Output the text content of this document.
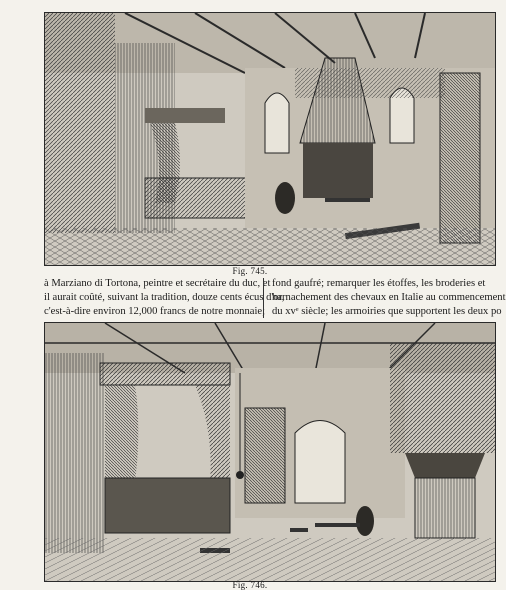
Fig. 745.
à Marziano di Tortona, peintre et secrétaire du duc, et
il aurait coûté, suivant la tradition, douze cents écus d'or,
c'est-à-dire environ 12,000 francs de notre monnaie;
fond gaufré; remarquer les étoffes, les broderies et
harnachement des chevaux en Italie au commencement
du xvᵉ siècle; les armoiries que supportent les deux po
Fig. 746.
